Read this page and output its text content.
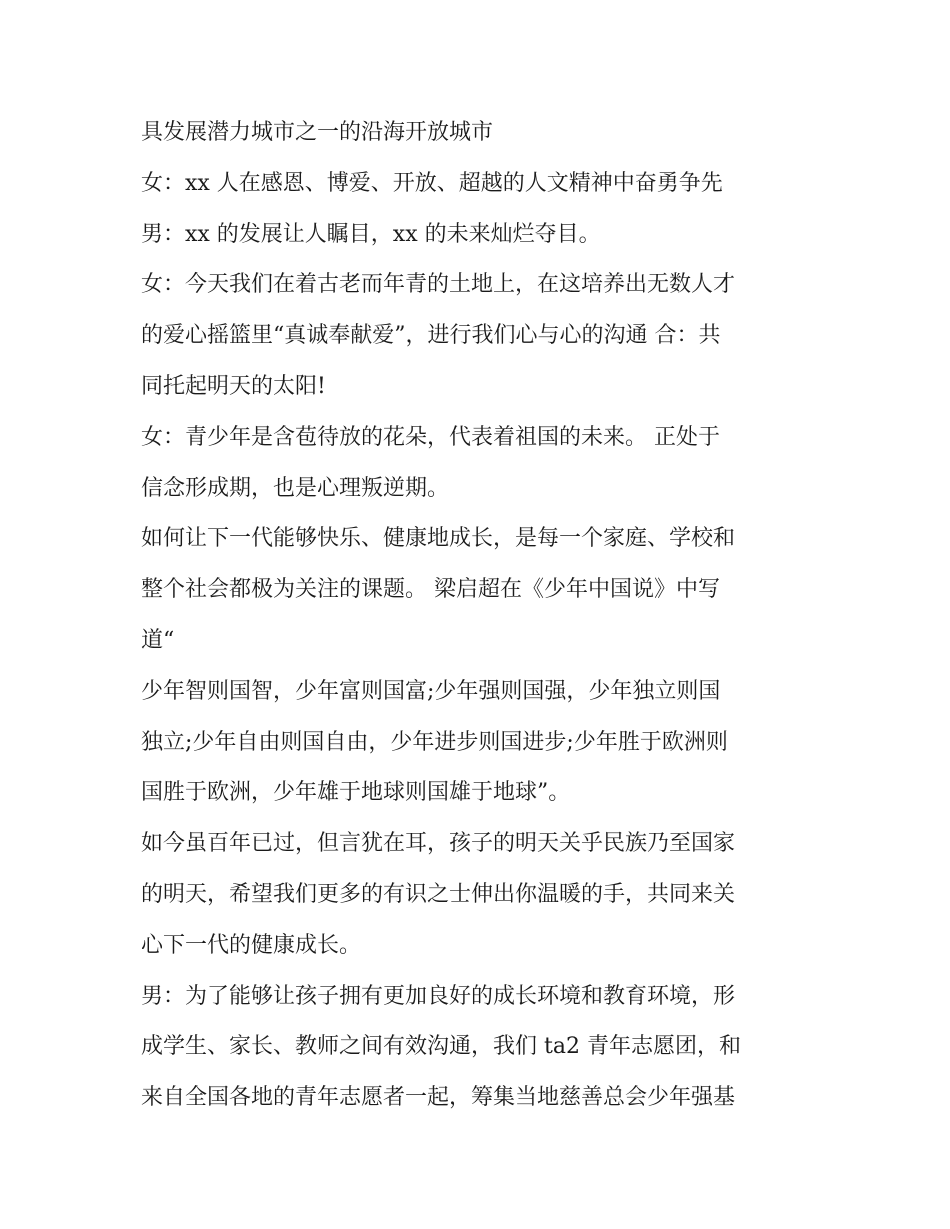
具发展潜力城市之一的沿海开放城市
女：xx 人在感恩、博爱、开放、超越的人文精神中奋勇争先
男：xx 的发展让人瞩目，xx 的未来灿烂夺目。
女：今天我们在着古老而年青的土地上，在这培养出无数人才
的爱心摇篮里“真诚奉献爱”，进行我们心与心的沟通 合：共
同托起明天的太阳!
女：青少年是含苞待放的花朵，代表着祖国的未来。 正处于
信念形成期，也是心理叛逆期。
如何让下一代能够快乐、健康地成长，是每一个家庭、学校和
整个社会都极为关注的课题。 梁启超在《少年中国说》中写
道“
少年智则国智，少年富则国富;少年强则国强，少年独立则国
独立;少年自由则国自由，少年进步则国进步;少年胜于欧洲则
国胜于欧洲，少年雄于地球则国雄于地球”。
如今虽百年已过，但言犹在耳，孩子的明天关乎民族乃至国家
的明天，希望我们更多的有识之士伸出你温暖的手，共同来关
心下一代的健康成长。
男：为了能够让孩子拥有更加良好的成长环境和教育环境，形
成学生、家长、教师之间有效沟通，我们 ta2 青年志愿团，和
来自全国各地的青年志愿者一起，筹集当地慈善总会少年强基
